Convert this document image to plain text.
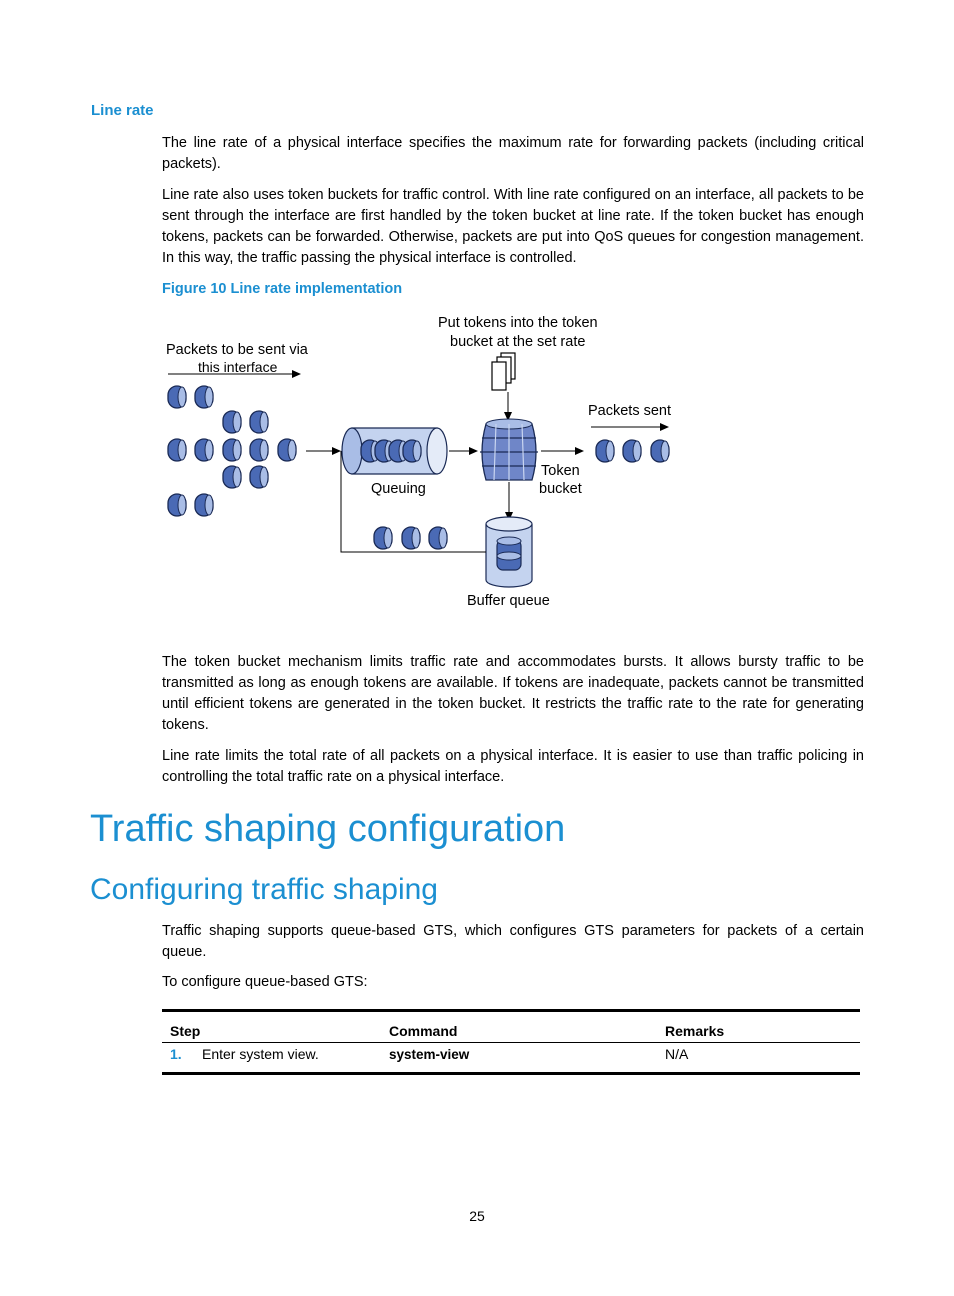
Line rate

The line rate of a physical interface specifies the maximum rate for forwarding packets (including critical packets).

Line rate also uses token buckets for traffic control. With line rate configured on an interface, all packets to be sent through the interface are first handled by the token bucket at line rate. If the token bucket has enough tokens, packets can be forwarded. Otherwise, packets are put into QoS queues for congestion management. In this way, the traffic passing the physical interface is controlled.

Figure 10 Line rate implementation
Packets to be sent via
this interface
Queuing
Put tokens into the token
bucket at the set rate
Token
bucket
Packets sent
Buffer queue

The token bucket mechanism limits traffic rate and accommodates bursts. It allows bursty traffic to be transmitted as long as enough tokens are available. If tokens are inadequate, packets cannot be transmitted until efficient tokens are generated in the token bucket. It restricts the traffic rate to the rate for generating tokens.

Line rate limits the total rate of all packets on a physical interface. It is easier to use than traffic policing in controlling the total traffic rate on a physical interface.

Traffic shaping configuration
Configuring traffic shaping

Traffic shaping supports queue-based GTS, which configures GTS parameters for packets of a certain queue.

To configure queue-based GTS:

Step	Command	Remarks
1. Enter system view.	system-view	N/A
25
